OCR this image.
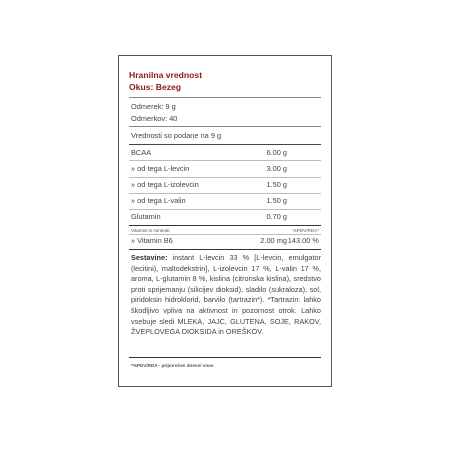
Hranilna vrednost
Okus: Bezeg
Odmerek: 9 g
Odmerkov: 40
Vrednosti so podane na 9 g
BCAA	6.00 g
» od tega L-levcin	3.00 g
» od tega L-izolevcin	1.50 g
» od tega L-valin	1.50 g
Glutamin	0.70 g
Vitamini in minerali	%PDV/RDA*
» Vitamin B6	2.00 mg 143.00 %
Sestavine: instant L-levcin 33 % [L-levcin, emulgator (lecitini), maltodekstrin], L-izolevcin 17 %, L-valin 17 %, aroma, L-glutamin 8 %, kislina (citronska kislina), sredstvo proti sprijemanju (silicijev dioksid), sladilo (sukraloza), sol, piridoksin hidroklorid, barvilo (tartrazin*). *Tartrazin: lahko škodljivo vpliva na aktivnost in pozornost otrok. Lahko vsebuje sledi MLEKA, JAJC, GLUTENA, SOJE, RAKOV, ŽVEPLOVEGA DIOKSIDA in OREŠKOV.
*%PDV/RDA - priporočen dnevni vnos
